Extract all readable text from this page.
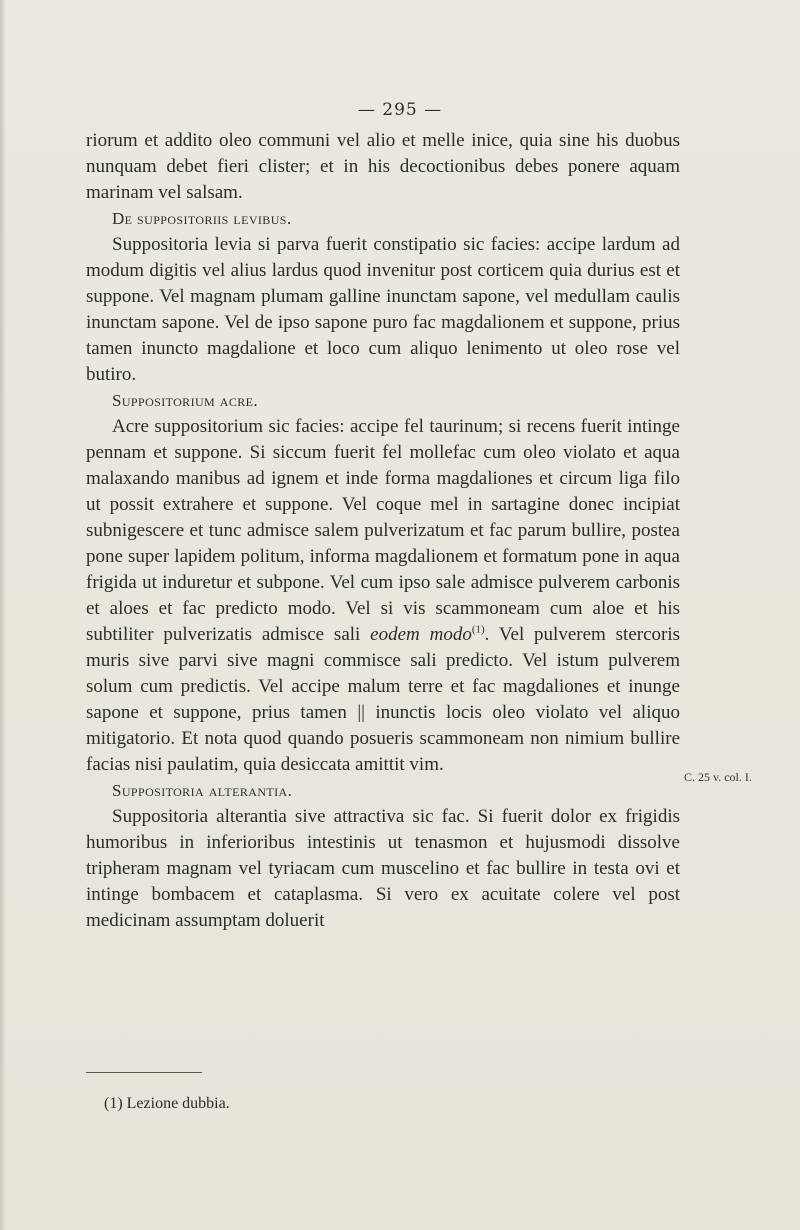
— 295 —

riorum et addito oleo communi vel alio et melle inice, quia sine his duobus nunquam debet fieri clister; et in his decoctionibus debes ponere aquam marinam vel salsam.

De suppositoriis levibus.

Suppositoria levia si parva fuerit constipatio sic facies: accipe lardum ad modum digitis vel alius lardus quod invenitur post corticem quia durius est et suppone. Vel magnam plumam galline inunctam sapone, vel medullam caulis inunctam sapone. Vel de ipso sapone puro fac magdalionem et suppone, prius tamen inuncto magdalione et loco cum aliquo lenimento ut oleo rose vel butiro.

Suppositorium acre.

Acre suppositorium sic facies: accipe fel taurinum; si recens fuerit intinge pennam et suppone. Si siccum fuerit fel mollefac cum oleo violato et aqua malaxando manibus ad ignem et inde forma magdaliones et circum liga filo ut possit extrahere et suppone. Vel coque mel in sartagine donec incipiat subnigescere et tunc admisce salem pulverizatum et fac parum bullire, postea pone super lapidem politum, informa magdalionem et formatum pone in aqua frigida ut induretur et subpone. Vel cum ipso sale admisce pulverem carbonis et aloes et fac predicto modo. Vel si vis scammoneam cum aloe et his subtiliter pulverizatis admisce sali eodem modo$^{(1)}$. Vel pulverem stercoris muris sive parvi sive magni commisce sali predicto. Vel istum pulverem solum cum predictis. Vel accipe malum terre et fac magdaliones et inunge sapone et suppone, prius tamen || inunctis locis oleo violato vel aliquo mitigatorio. Et nota quod quando posueris scammoneam non nimium bullire facias nisi paulatim, quia desiccata amittit vim.

Suppositoria alterantia.

Suppositoria alterantia sive attractiva sic fac. Si fuerit dolor ex frigidis humoribus in inferioribus intestinis ut tenasmon et hujusmodi dissolve tripheram magnam vel tyriacam cum muscelino et fac bullire in testa ovi et intinge bombacem et cataplasma. Si vero ex acuitate colere vel post medicinam assumptam doluerit

C. 25 v. col. I.
(1) Lezione dubbia.
